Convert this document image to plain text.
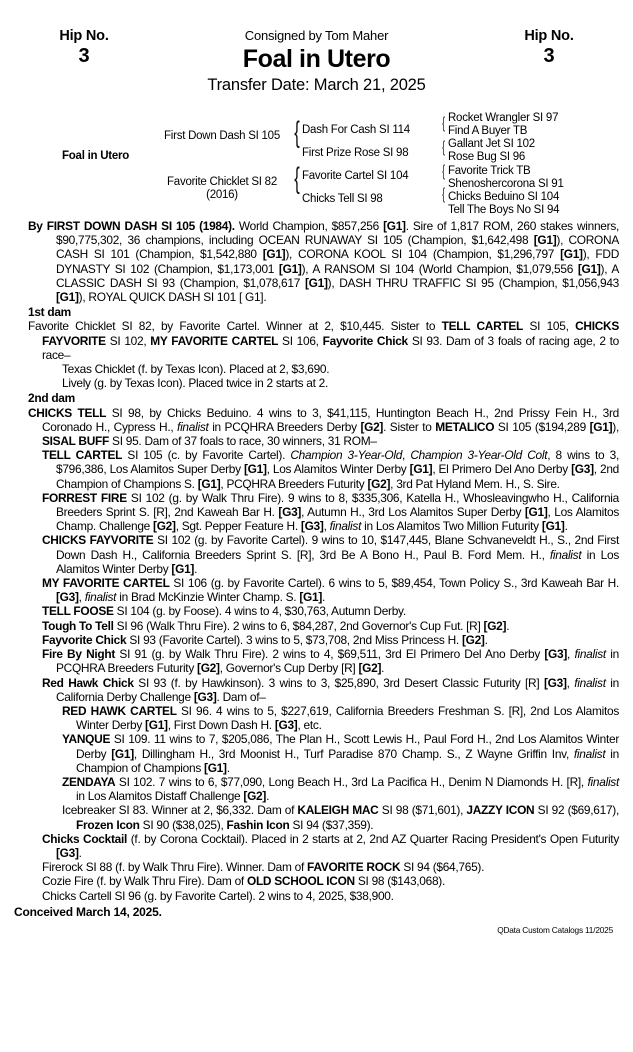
Hip No.
3
Hip No.
3
Consigned by Tom Maher
Foal in Utero
Transfer Date: March 21, 2025
Foal in Utero
First Down Dash SI 105
Favorite Chicklet SI 82
(2016)
{
{
Dash For Cash SI 114
First Prize Rose SI 98
Favorite Cartel SI 104
Chicks Tell SI 98
{
{
{
{
Rocket Wrangler SI 97
Find A Buyer TB
Gallant Jet SI 102
Rose Bug SI 96
Favorite Trick TB
Shenoshercorona SI 91
Chicks Beduino SI 104
Tell The Boys No SI 94
By FIRST DOWN DASH SI 105 (1984). World Champion, $857,256 [G1]. Sire of 1,817 ROM, 260 stakes winners, $90,775,302, 36 champions, including OCEAN RUNAWAY SI 105 (Champion, $1,642,498 [G1]), CORONA CASH SI 101 (Champion, $1,542,880 [G1]), CORONA KOOL SI 104 (Champion, $1,296,797 [G1]), FDD DYNASTY SI 102 (Champion, $1,173,001 [G1]), A RANSOM SI 104 (World Champion, $1,079,556 [G1]), A CLASSIC DASH SI 93 (Champion, $1,078,617 [G1]), DASH THRU TRAFFIC SI 95 (Champion, $1,056,943 [G1]), ROYAL QUICK DASH SI 101 [ G1].
1st dam
Favorite Chicklet SI 82, by Favorite Cartel. Winner at 2, $10,445. Sister to TELL CARTEL SI 105, CHICKS FAYVORITE SI 102, MY FAVORITE CARTEL SI 106, Fayvorite Chick SI 93. Dam of 3 foals of racing age, 2 to race–
Texas Chicklet (f. by Texas Icon). Placed at 2, $3,690.
Lively (g. by Texas Icon). Placed twice in 2 starts at 2.
2nd dam
CHICKS TELL SI 98, by Chicks Beduino. 4 wins to 3, $41,115, Huntington Beach H., 2nd Prissy Fein H., 3rd Coronado H., Cypress H., finalist in PCQHRA Breeders Derby [G2]. Sister to METALICO SI 105 ($194,289 [G1]), SISAL BUFF SI 95. Dam of 37 foals to race, 30 winners, 31 ROM–
TELL CARTEL SI 105 (c. by Favorite Cartel). Champion 3-Year-Old, Champion 3-Year-Old Colt, 8 wins to 3, $796,386, Los Alamitos Super Derby [G1], Los Alamitos Winter Derby [G1], El Primero Del Ano Derby [G3], 2nd Champion of Champions S. [G1], PCQHRA Breeders Futurity [G2], 3rd Pat Hyland Mem. H., S. Sire.
FORREST FIRE SI 102 (g. by Walk Thru Fire). 9 wins to 8, $335,306, Katella H., Whosleavingwho H., California Breeders Sprint S. [R], 2nd Kaweah Bar H. [G3], Autumn H., 3rd Los Alamitos Super Derby [G1], Los Alamitos Champ. Challenge [G2], Sgt. Pepper Feature H. [G3], finalist in Los Alamitos Two Million Futurity [G1].
CHICKS FAYVORITE SI 102 (g. by Favorite Cartel). 9 wins to 10, $147,445, Blane Schvaneveldt H., S., 2nd First Down Dash H., California Breeders Sprint S. [R], 3rd Be A Bono H., Paul B. Ford Mem. H., finalist in Los Alamitos Winter Derby [G1].
MY FAVORITE CARTEL SI 106 (g. by Favorite Cartel). 6 wins to 5, $89,454, Town Policy S., 3rd Kaweah Bar H. [G3], finalist in Brad McKinzie Winter Champ. S. [G1].
TELL FOOSE SI 104 (g. by Foose). 4 wins to 4, $30,763, Autumn Derby.
Tough To Tell SI 96 (Walk Thru Fire). 2 wins to 6, $84,287, 2nd Governor's Cup Fut. [R] [G2].
Fayvorite Chick SI 93 (Favorite Cartel). 3 wins to 5, $73,708, 2nd Miss Princess H. [G2].
Fire By Night SI 91 (g. by Walk Thru Fire). 2 wins to 4, $69,511, 3rd El Primero Del Ano Derby [G3], finalist in PCQHRA Breeders Futurity [G2], Governor's Cup Derby [R] [G2].
Red Hawk Chick SI 93 (f. by Hawkinson). 3 wins to 3, $25,890, 3rd Desert Classic Futurity [R] [G3], finalist in California Derby Challenge [G3]. Dam of–
RED HAWK CARTEL SI 96. 4 wins to 5, $227,619, California Breeders Freshman S. [R], 2nd Los Alamitos Winter Derby [G1], First Down Dash H. [G3], etc.
YANQUE SI 109. 11 wins to 7, $205,086, The Plan H., Scott Lewis H., Paul Ford H., 2nd Los Alamitos Winter Derby [G1], Dillingham H., 3rd Moonist H., Turf Paradise 870 Champ. S., Z Wayne Griffin Inv, finalist in Champion of Champions [G1].
ZENDAYA SI 102. 7 wins to 6, $77,090, Long Beach H., 3rd La Pacifica H., Denim N Diamonds H. [R], finalist in Los Alamitos Distaff Challenge [G2].
Icebreaker SI 83. Winner at 2, $6,332. Dam of KALEIGH MAC SI 98 ($71,601), JAZZY ICON SI 92 ($69,617), Frozen Icon SI 90 ($38,025), Fashin Icon SI 94 ($37,359).
Chicks Cocktail (f. by Corona Cocktail). Placed in 2 starts at 2, 2nd AZ Quarter Racing President's Open Futurity [G3].
Firerock SI 88 (f. by Walk Thru Fire). Winner. Dam of FAVORITE ROCK SI 94 ($64,765).
Cozie Fire (f. by Walk Thru Fire). Dam of OLD SCHOOL ICON SI 98 ($143,068).
Chicks Cartell SI 96 (g. by Favorite Cartel). 2 wins to 4, 2025, $38,900.
Conceived March 14, 2025.
QData Custom Catalogs 11/2025
